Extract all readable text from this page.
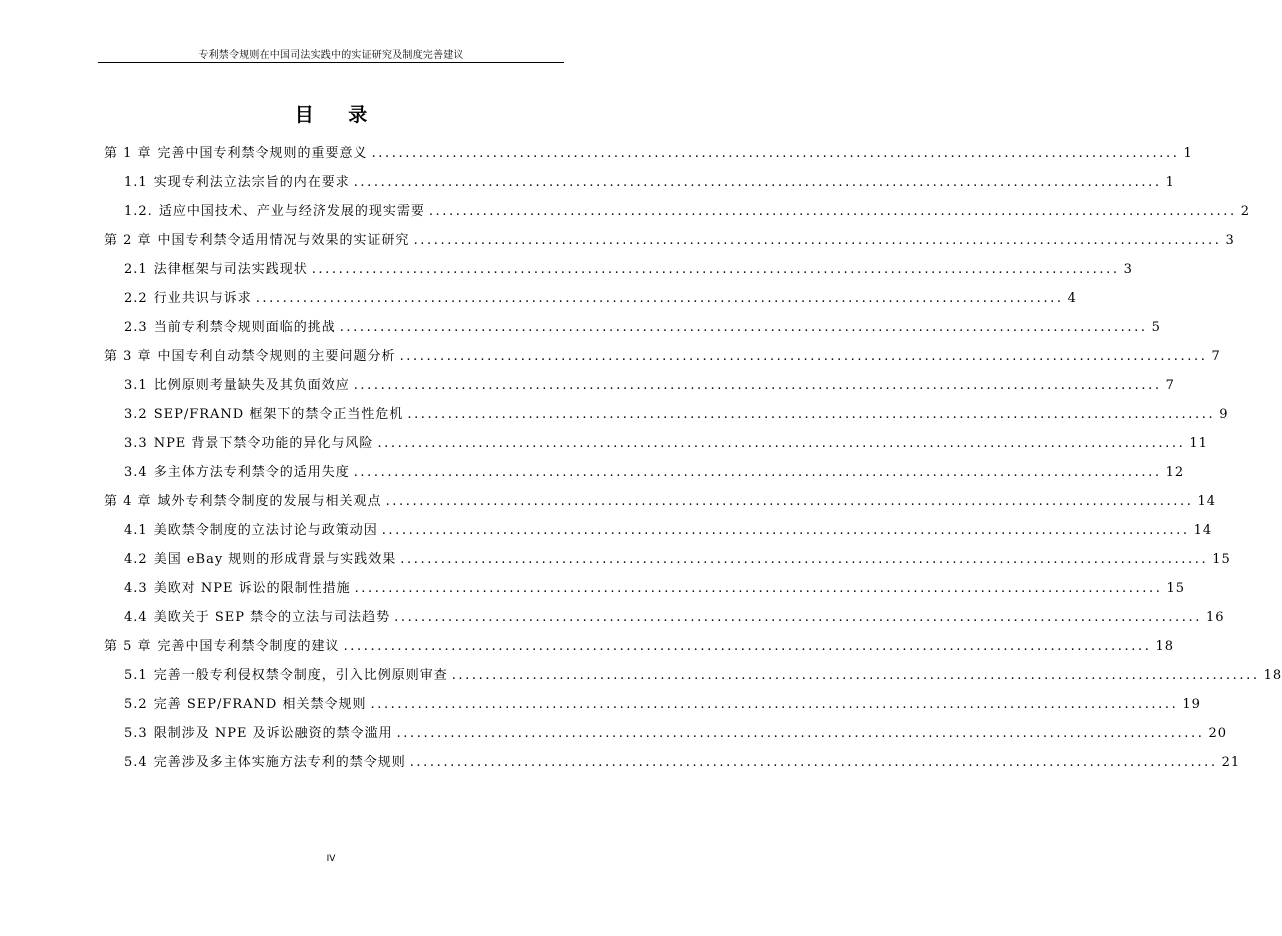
专利禁令规则在中国司法实践中的实证研究及制度完善建议
目 录
第 1 章 完善中国专利禁令规则的重要意义 ........................................................................................................................ 1
1.1 实现专利法立法宗旨的内在要求 ........................................................................................................................ 1
1.2. 适应中国技术、产业与经济发展的现实需要 ........................................................................................................................ 2
第 2 章 中国专利禁令适用情况与效果的实证研究 ........................................................................................................................ 3
2.1 法律框架与司法实践现状 ........................................................................................................................ 3
2.2 行业共识与诉求 ........................................................................................................................ 4
2.3 当前专利禁令规则面临的挑战 ........................................................................................................................ 5
第 3 章 中国专利自动禁令规则的主要问题分析 ........................................................................................................................ 7
3.1 比例原则考量缺失及其负面效应 ........................................................................................................................ 7
3.2 SEP/FRAND 框架下的禁令正当性危机 ........................................................................................................................ 9
3.3 NPE 背景下禁令功能的异化与风险 ........................................................................................................................ 11
3.4 多主体方法专利禁令的适用失度 ........................................................................................................................ 12
第 4 章 域外专利禁令制度的发展与相关观点 ........................................................................................................................ 14
4.1 美欧禁令制度的立法讨论与政策动因 ........................................................................................................................ 14
4.2 美国 eBay 规则的形成背景与实践效果 ........................................................................................................................ 15
4.3 美欧对 NPE 诉讼的限制性措施 ........................................................................................................................ 15
4.4 美欧关于 SEP 禁令的立法与司法趋势 ........................................................................................................................ 16
第 5 章 完善中国专利禁令制度的建议 ........................................................................................................................ 18
5.1 完善一般专利侵权禁令制度，引入比例原则审查 ........................................................................................................................ 18
5.2 完善 SEP/FRAND 相关禁令规则 ........................................................................................................................ 19
5.3 限制涉及 NPE 及诉讼融资的禁令滥用 ........................................................................................................................ 20
5.4 完善涉及多主体实施方法专利的禁令规则 ........................................................................................................................ 21
IV
